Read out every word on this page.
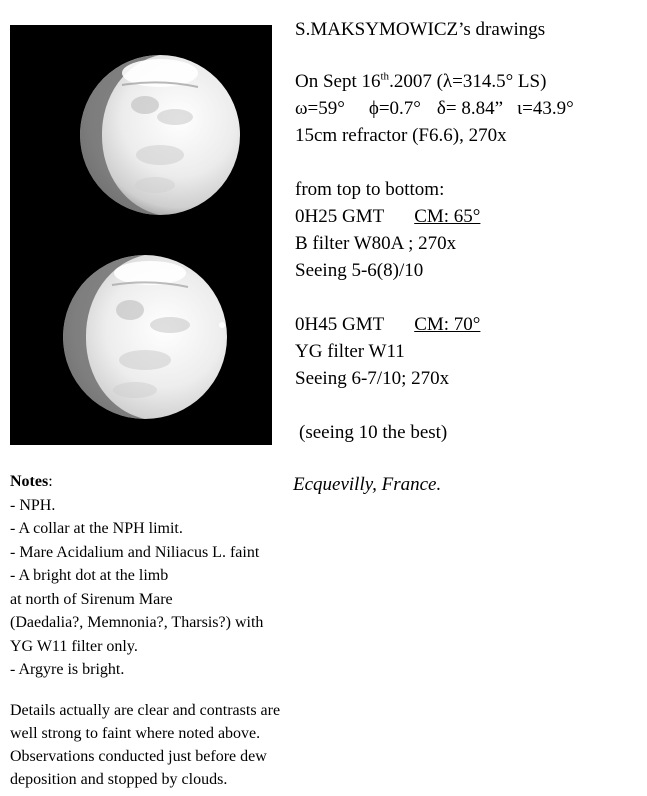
S.MAKSYMOWICZ’s drawings
On Sept 16th.2007 (λ=314.5° LS)
ω=59° ϕ=0.7° δ= 8.84” ι=43.9°
15cm refractor (F6.6), 270x
from top to bottom:
0H25 GMT CM: 65°
B filter W80A ; 270x
Seeing 5-6(8)/10
0H45 GMT CM: 70°
YG filter W11
Seeing 6-7/10; 270x
(seeing 10 the best)
Ecquevilly, France.
Notes:
- NPH.
- A collar at the NPH limit.
- Mare Acidalium and Niliacus L. faint
- A bright dot at the limb
at north of Sirenum Mare
(Daedalia?, Memnonia?, Tharsis?) with
YG W11 filter only.
- Argyre is bright.
Details actually are clear and contrasts are
well strong to faint where noted above.
Observations conducted just before dew
deposition and stopped by clouds.
